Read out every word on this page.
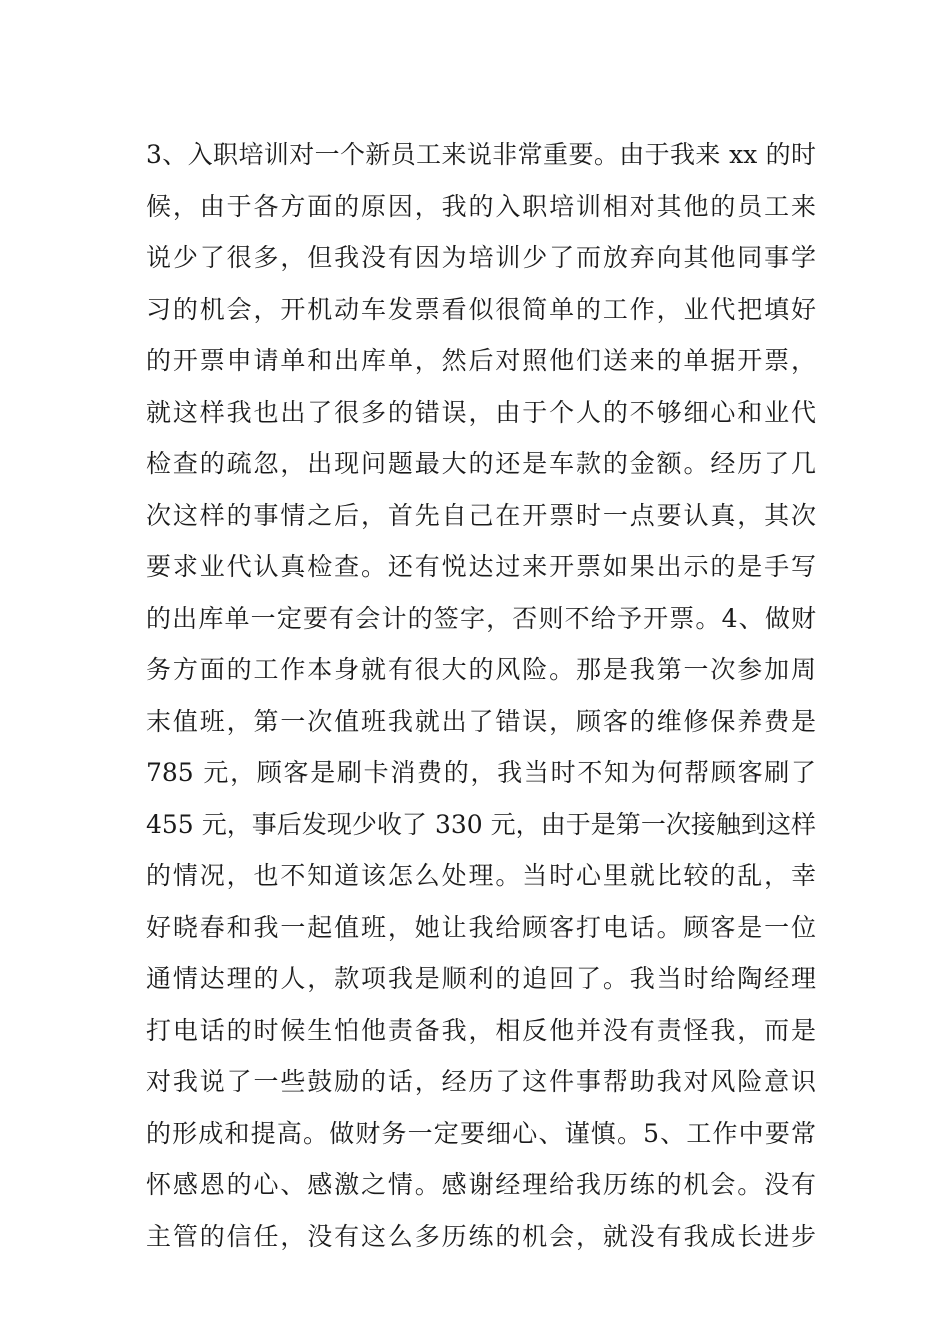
3、入职培训对一个新员工来说非常重要。由于我来 xx 的时
候，由于各方面的原因，我的入职培训相对其他的员工来
说少了很多，但我没有因为培训少了而放弃向其他同事学
习的机会，开机动车发票看似很简单的工作，业代把填好
的开票申请单和出库单，然后对照他们送来的单据开票，
就这样我也出了很多的错误，由于个人的不够细心和业代
检查的疏忽，出现问题最大的还是车款的金额。经历了几
次这样的事情之后，首先自己在开票时一点要认真，其次
要求业代认真检查。还有悦达过来开票如果出示的是手写
的出库单一定要有会计的签字，否则不给予开票。4、做财
务方面的工作本身就有很大的风险。那是我第一次参加周
末值班，第一次值班我就出了错误，顾客的维修保养费是
785 元，顾客是刷卡消费的，我当时不知为何帮顾客刷了
455 元，事后发现少收了 330 元，由于是第一次接触到这样
的情况，也不知道该怎么处理。当时心里就比较的乱，幸
好晓春和我一起值班，她让我给顾客打电话。顾客是一位
通情达理的人，款项我是顺利的追回了。我当时给陶经理
打电话的时候生怕他责备我，相反他并没有责怪我，而是
对我说了一些鼓励的话，经历了这件事帮助我对风险意识
的形成和提高。做财务一定要细心、谨慎。5、工作中要常
怀感恩的心、感激之情。感谢经理给我历练的机会。没有
主管的信任，没有这么多历练的机会，就没有我成长进步
